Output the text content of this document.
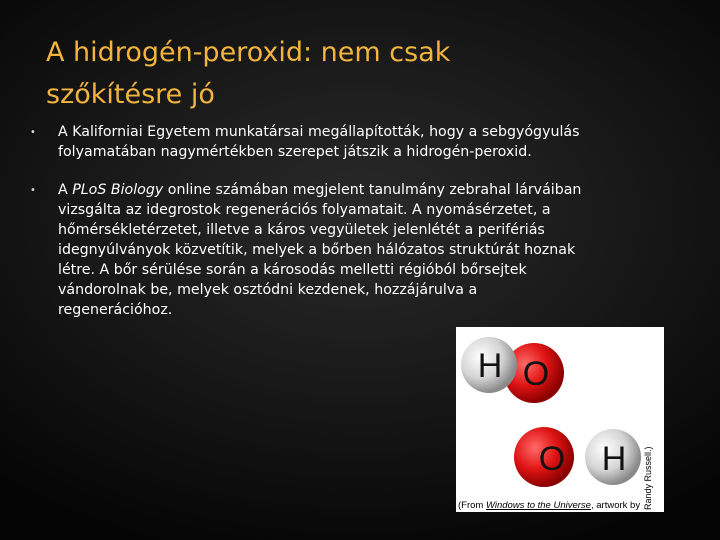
A hidrogén-peroxid: nem csak
szőkítésre jó
• A Kaliforniai Egyetem munkatársai megállapították, hogy a sebgyógyulás
folyamatában nagymértékben szerepet játszik a hidrogén-peroxid.
• A PLoS Biology online számában megjelent tanulmány zebrahal lárváiban
vizsgálta az idegrostok regenerációs folyamatait. A nyomásérzetet, a
hőmérsékletérzetet, illetve a káros vegyületek jelenlétét a perifériás
idegnyúlványok közvetítik, melyek a bőrben hálózatos struktúrát hoznak
létre. A bőr sérülése során a károsodás melletti régióból bőrsejtek
vándorolnak be, melyek osztódni kezdenek, hozzájárulva a
regenerációhoz.
H O
O H
(From Windows to the Universe, artwork by Randy Russell.)
